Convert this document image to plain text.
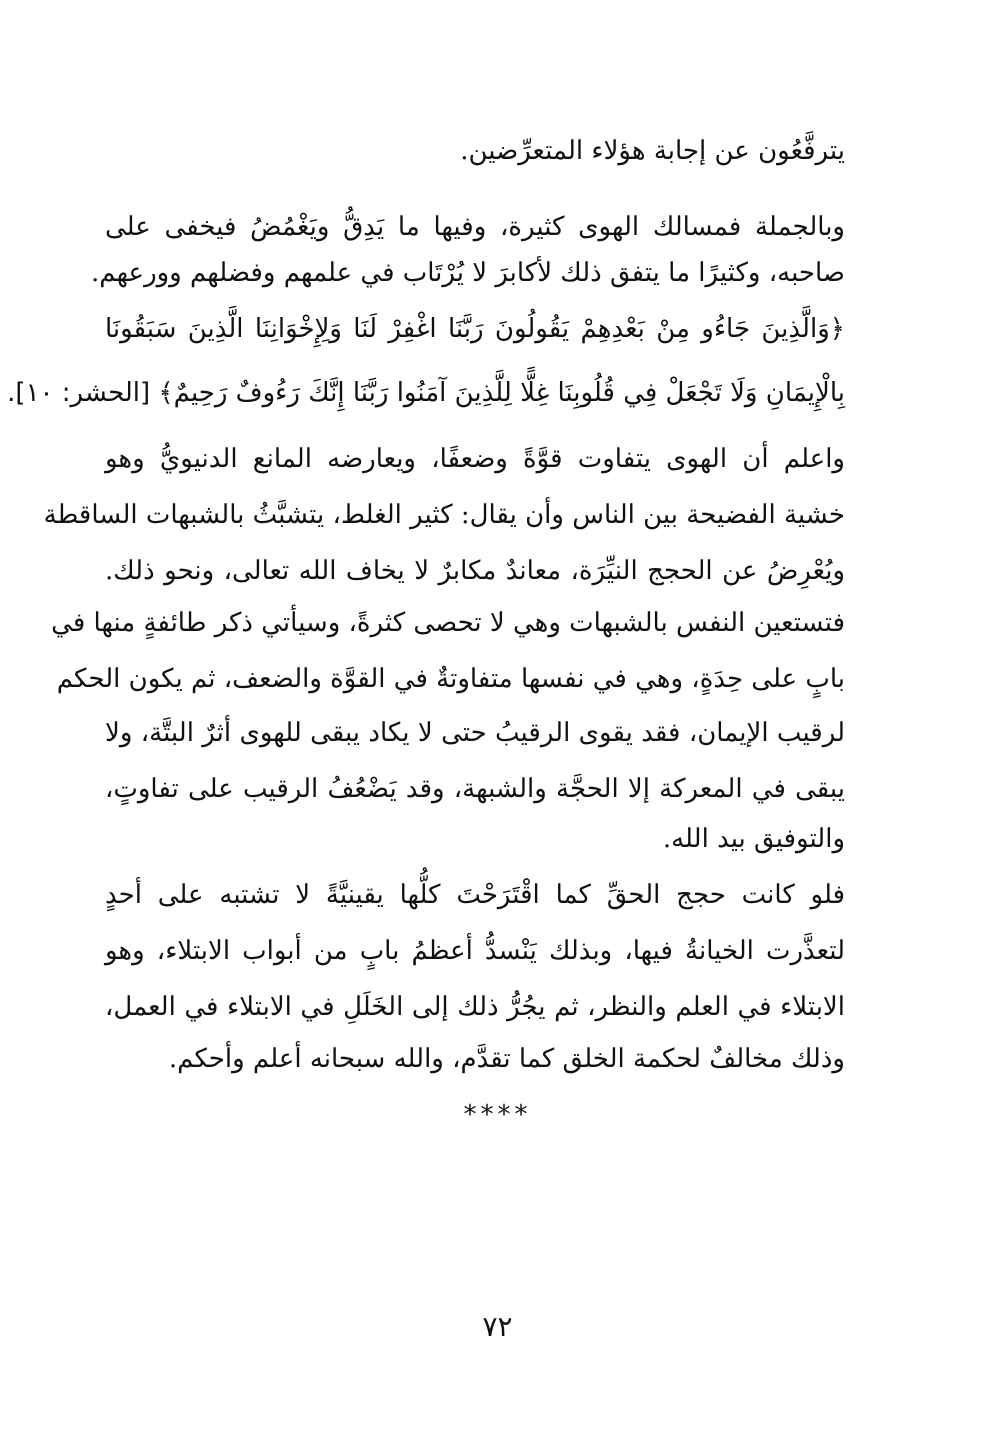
يترفَّعُون عن إجابة هؤلاء المتعرِّضين.
وبالجملة فمسالك الهوى كثيرة، وفيها ما يَدِقُّ ويَغْمُضُ فيخفى على
صاحبه، وكثيرًا ما يتفق ذلك لأكابرَ لا يُرْتَاب في علمهم وفضلهم وورعهم.
﴿وَالَّذِينَ جَاءُو مِنْ بَعْدِهِمْ يَقُولُونَ رَبَّنَا اغْفِرْ لَنَا وَلِإِخْوَانِنَا الَّذِينَ سَبَقُونَا
بِالْإِيمَانِ وَلَا تَجْعَلْ فِي قُلُوبِنَا غِلًّا لِلَّذِينَ آمَنُوا رَبَّنَا إِنَّكَ رَءُوفٌ رَحِيمٌ﴾ [الحشر: ١٠].
واعلم أن الهوى يتفاوت قوَّةً وضعفًا، ويعارضه المانع الدنيويُّ وهو
خشية الفضيحة بين الناس وأن يقال: كثير الغلط، يتشبَّثُ بالشبهات الساقطة
ويُعْرِضُ عن الحجج النيِّرَة، معاندٌ مكابرٌ لا يخاف الله تعالى، ونحو ذلك.
فتستعين النفس بالشبهات وهي لا تحصى كثرةً، وسيأتي ذكر طائفةٍ منها في
بابٍ على حِدَةٍ، وهي في نفسها متفاوتةٌ في القوَّة والضعف، ثم يكون الحكم
لرقيب الإيمان، فقد يقوى الرقيبُ حتى لا يكاد يبقى للهوى أثرٌ البتَّة، ولا
يبقى في المعركة إلا الحجَّة والشبهة، وقد يَضْعُفُ الرقيب على تفاوتٍ،
والتوفيق بيد الله.
فلو كانت حجج الحقِّ كما اقْتَرَحْتَ كلُّها يقينيَّةً لا تشتبه على أحدٍ
لتعذَّرت الخيانةُ فيها، وبذلك يَنْسدُّ أعظمُ بابٍ من أبواب الابتلاء، وهو
الابتلاء في العلم والنظر، ثم يجُرُّ ذلك إلى الخَلَلِ في الابتلاء في العمل،
وذلك مخالفٌ لحكمة الخلق كما تقدَّم، والله سبحانه أعلم وأحكم.
****
٧٢
